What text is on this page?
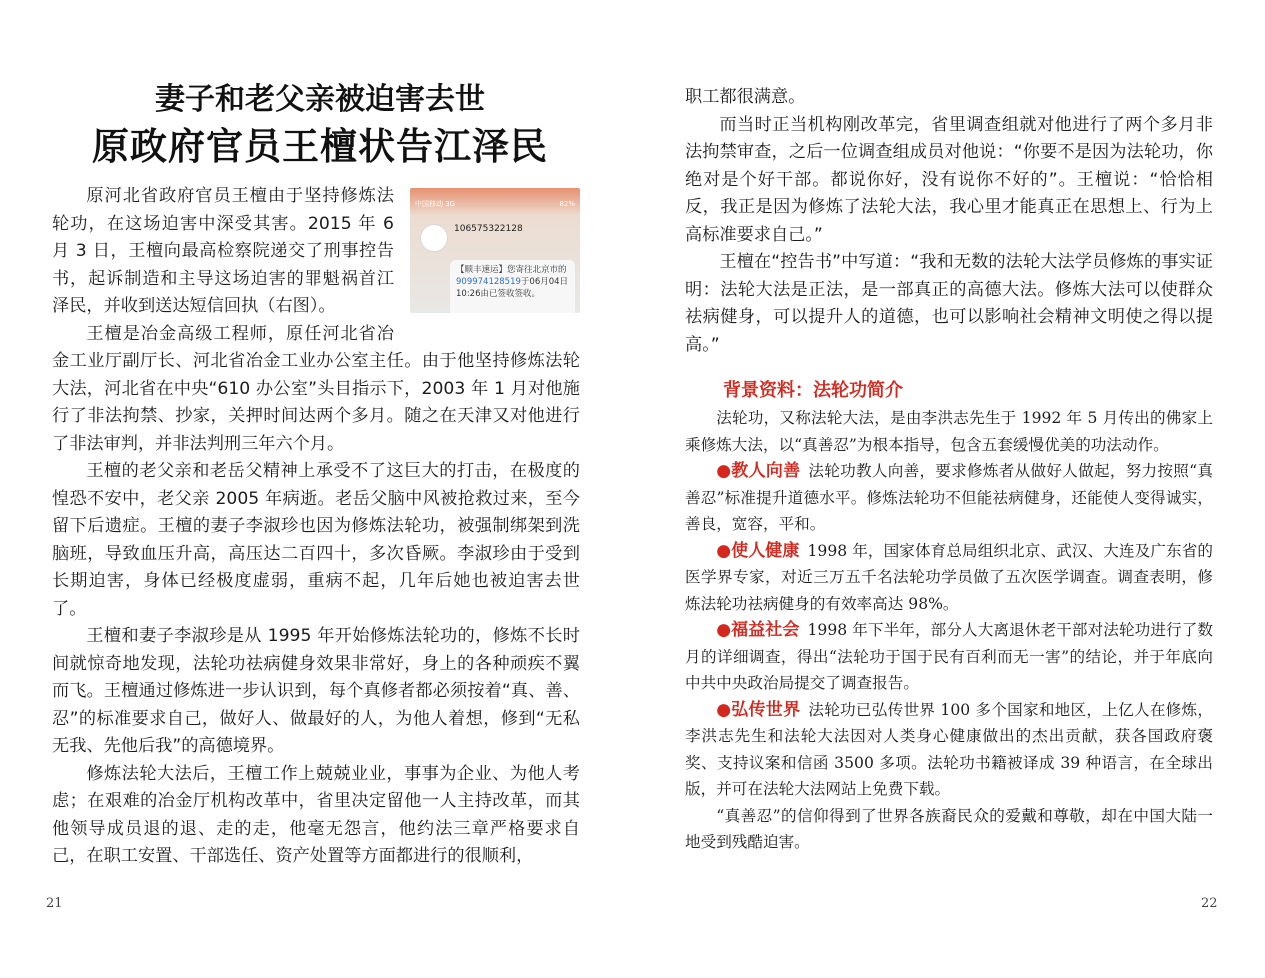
妻子和老父亲被迫害去世
原政府官员王檀状告江泽民
中国移动 3G	82%
106575322128
【顺丰速运】您寄往北京市的909974128519于06月04日10:26由已签收签收。

原河北省政府官员王檀由于坚持修炼法轮功，在这场迫害中深受其害。2015 年 6 月 3 日，王檀向最高检察院递交了刑事控告书，起诉制造和主导这场迫害的罪魁祸首江泽民，并收到送达短信回执（右图）。

王檀是冶金高级工程师，原任河北省冶金工业厅副厅长、河北省冶金工业办公室主任。由于他坚持修炼法轮大法，河北省在中央“610 办公室”头目指示下，2003 年 1 月对他施行了非法拘禁、抄家，关押时间达两个多月。随之在天津又对他进行了非法审判，并非法判刑三年六个月。

王檀的老父亲和老岳父精神上承受不了这巨大的打击，在极度的惶恐不安中，老父亲 2005 年病逝。老岳父脑中风被抢救过来，至今留下后遗症。王檀的妻子李淑珍也因为修炼法轮功，被强制绑架到洗脑班，导致血压升高，高压达二百四十，多次昏厥。李淑珍由于受到长期迫害，身体已经极度虚弱，重病不起，几年后她也被迫害去世了。

王檀和妻子李淑珍是从 1995 年开始修炼法轮功的，修炼不长时间就惊奇地发现，法轮功祛病健身效果非常好，身上的各种顽疾不翼而飞。王檀通过修炼进一步认识到，每个真修者都必须按着“真、善、忍”的标准要求自己，做好人、做最好的人，为他人着想，修到“无私无我、先他后我”的高德境界。

修炼法轮大法后，王檀工作上兢兢业业，事事为企业、为他人考虑；在艰难的冶金厅机构改革中，省里决定留他一人主持改革，而其他领导成员退的退、走的走，他毫无怨言，他约法三章严格要求自己，在职工安置、干部选任、资产处置等方面都进行的很顺利，

21

职工都很满意。

而当时正当机构刚改革完，省里调查组就对他进行了两个多月非法拘禁审查，之后一位调查组成员对他说：“你要不是因为法轮功，你绝对是个好干部。都说你好，没有说你不好的”。王檀说：“恰恰相反，我正是因为修炼了法轮大法，我心里才能真正在思想上、行为上高标准要求自己。”

王檀在“控告书”中写道：“我和无数的法轮大法学员修炼的事实证明：法轮大法是正法，是一部真正的高德大法。修炼大法可以使群众祛病健身，可以提升人的道德，也可以影响社会精神文明使之得以提高。”

背景资料：法轮功简介

法轮功，又称法轮大法，是由李洪志先生于 1992 年 5 月传出的佛家上乘修炼大法，以“真善忍”为根本指导，包含五套缓慢优美的功法动作。

●教人向善 法轮功教人向善，要求修炼者从做好人做起，努力按照“真善忍”标准提升道德水平。修炼法轮功不但能祛病健身，还能使人变得诚实，善良，宽容，平和。

●使人健康 1998 年，国家体育总局组织北京、武汉、大连及广东省的医学界专家，对近三万五千名法轮功学员做了五次医学调查。调查表明，修炼法轮功祛病健身的有效率高达 98%。

●福益社会 1998 年下半年，部分人大离退休老干部对法轮功进行了数月的详细调查，得出“法轮功于国于民有百利而无一害”的结论，并于年底向中共中央政治局提交了调查报告。

●弘传世界 法轮功已弘传世界 100 多个国家和地区，上亿人在修炼，李洪志先生和法轮大法因对人类身心健康做出的杰出贡献，获各国政府褒奖、支持议案和信函 3500 多项。法轮功书籍被译成 39 种语言，在全球出版，并可在法轮大法网站上免费下载。

“真善忍”的信仰得到了世界各族裔民众的爱戴和尊敬，却在中国大陆一地受到残酷迫害。

22
